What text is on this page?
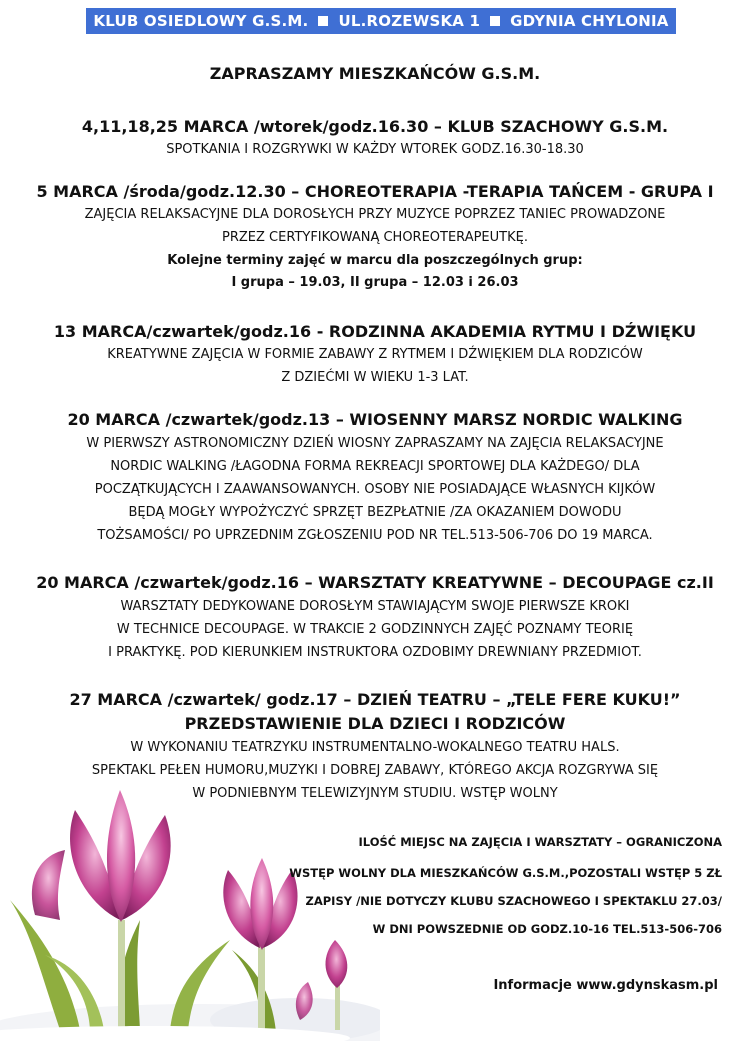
KLUB OSIEDLOWY G.S.M. UL.ROZEWSKA 1 GDYNIA CHYLONIA
ZAPRASZAMY MIESZKAŃCÓW G.S.M.
4,11,18,25 MARCA /wtorek/godz.16.30 – KLUB SZACHOWY G.S.M.
SPOTKANIA I ROZGRYWKI W KAŻDY WTOREK GODZ.16.30-18.30
5 MARCA /środa/godz.12.30 – CHOREOTERAPIA -TERAPIA TAŃCEM - GRUPA I
ZAJĘCIA RELAKSACYJNE DLA DOROSŁYCH PRZY MUZYCE POPRZEZ TANIEC PROWADZONE
PRZEZ CERTYFIKOWANĄ CHOREOTERAPEUTKĘ.
Kolejne terminy zajęć w marcu dla poszczególnych grup:
I grupa – 19.03, II grupa – 12.03 i 26.03
13 MARCA/czwartek/godz.16 - RODZINNA AKADEMIA RYTMU I DŹWIĘKU
KREATYWNE ZAJĘCIA W FORMIE ZABAWY Z RYTMEM I DŹWIĘKIEM DLA RODZICÓW
Z DZIEĆMI W WIEKU 1-3 LAT.
20 MARCA /czwartek/godz.13 – WIOSENNY MARSZ NORDIC WALKING
W PIERWSZY ASTRONOMICZNY DZIEŃ WIOSNY ZAPRASZAMY NA ZAJĘCIA RELAKSACYJNE
NORDIC WALKING /ŁAGODNA FORMA REKREACJI SPORTOWEJ DLA KAŻDEGO/ DLA
POCZĄTKUJĄCYCH I ZAAWANSOWANYCH. OSOBY NIE POSIADAJĄCE WŁASNYCH KIJKÓW
BĘDĄ MOGŁY WYPOŻYCZYĆ SPRZĘT BEZPŁATNIE /ZA OKAZANIEM DOWODU
TOŻSAMOŚCI/ PO UPRZEDNIM ZGŁOSZENIU POD NR TEL.513-506-706 DO 19 MARCA.
20 MARCA /czwartek/godz.16 – WARSZTATY KREATYWNE – DECOUPAGE cz.II
WARSZTATY DEDYKOWANE DOROSŁYM STAWIAJĄCYM SWOJE PIERWSZE KROKI
W TECHNICE DECOUPAGE. W TRAKCIE 2 GODZINNYCH ZAJĘĆ POZNAMY TEORIĘ
I PRAKTYKĘ. POD KIERUNKIEM INSTRUKTORA OZDOBIMY DREWNIANY PRZEDMIOT.
27 MARCA /czwartek/ godz.17 – DZIEŃ TEATRU – „TELE FERE KUKU!”
PRZEDSTAWIENIE DLA DZIECI I RODZICÓW
W WYKONANIU TEATRZYKU INSTRUMENTALNO-WOKALNEGO TEATRU HALS.
SPEKTAKL PEŁEN HUMORU,MUZYKI I DOBREJ ZABAWY, KTÓREGO AKCJA ROZGRYWA SIĘ
W PODNIEBNYM TELEWIZYJNYM STUDIU. WSTĘP WOLNY
ILOŚĆ MIEJSC NA ZAJĘCIA I WARSZTATY – OGRANICZONA
WSTĘP WOLNY DLA MIESZKAŃCÓW G.S.M.,POZOSTALI WSTĘP 5 ZŁ
ZAPISY /NIE DOTYCZY KLUBU SZACHOWEGO I SPEKTAKLU 27.03/
W DNI POWSZEDNIE OD GODZ.10-16 TEL.513-506-706
Informacje www.gdynskasm.pl
